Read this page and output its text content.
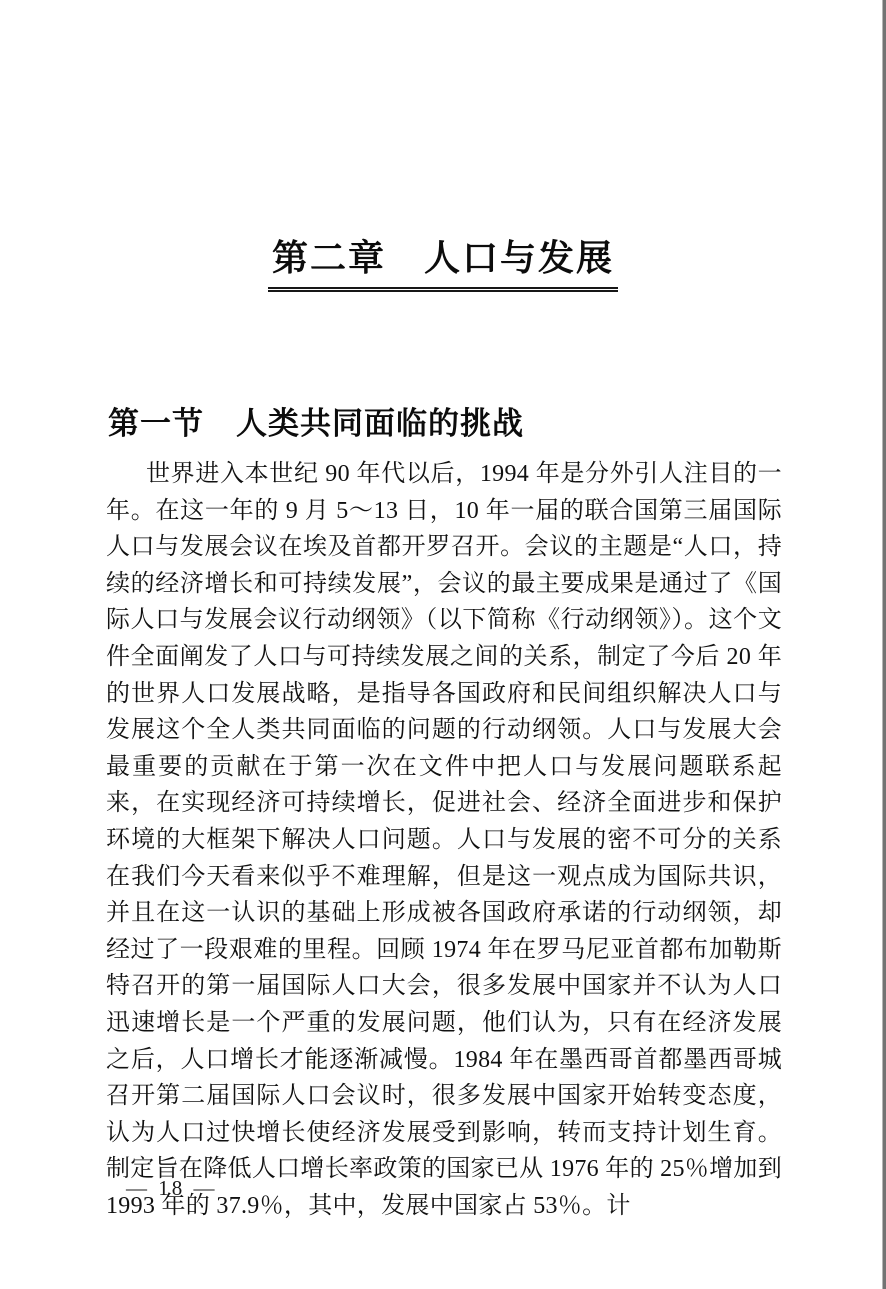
第二章　人口与发展
第一节　人类共同面临的挑战
世界进入本世纪 90 年代以后，1994 年是分外引人注目的一年。在这一年的 9 月 5～13 日，10 年一届的联合国第三届国际人口与发展会议在埃及首都开罗召开。会议的主题是“人口，持续的经济增长和可持续发展”，会议的最主要成果是通过了《国际人口与发展会议行动纲领》（以下简称《行动纲领》）。这个文件全面阐发了人口与可持续发展之间的关系，制定了今后 20 年的世界人口发展战略，是指导各国政府和民间组织解决人口与发展这个全人类共同面临的问题的行动纲领。人口与发展大会最重要的贡献在于第一次在文件中把人口与发展问题联系起来，在实现经济可持续增长，促进社会、经济全面进步和保护环境的大框架下解决人口问题。人口与发展的密不可分的关系在我们今天看来似乎不难理解，但是这一观点成为国际共识，并且在这一认识的基础上形成被各国政府承诺的行动纲领，却经过了一段艰难的里程。回顾 1974 年在罗马尼亚首都布加勒斯特召开的第一届国际人口大会，很多发展中国家并不认为人口迅速增长是一个严重的发展问题，他们认为，只有在经济发展之后，人口增长才能逐渐减慢。1984 年在墨西哥首都墨西哥城召开第二届国际人口会议时，很多发展中国家开始转变态度，认为人口过快增长使经济发展受到影响，转而支持计划生育。制定旨在降低人口增长率政策的国家已从 1976 年的 25％增加到 1993 年的 37.9％，其中，发展中国家占 53％。计
— 18 —
